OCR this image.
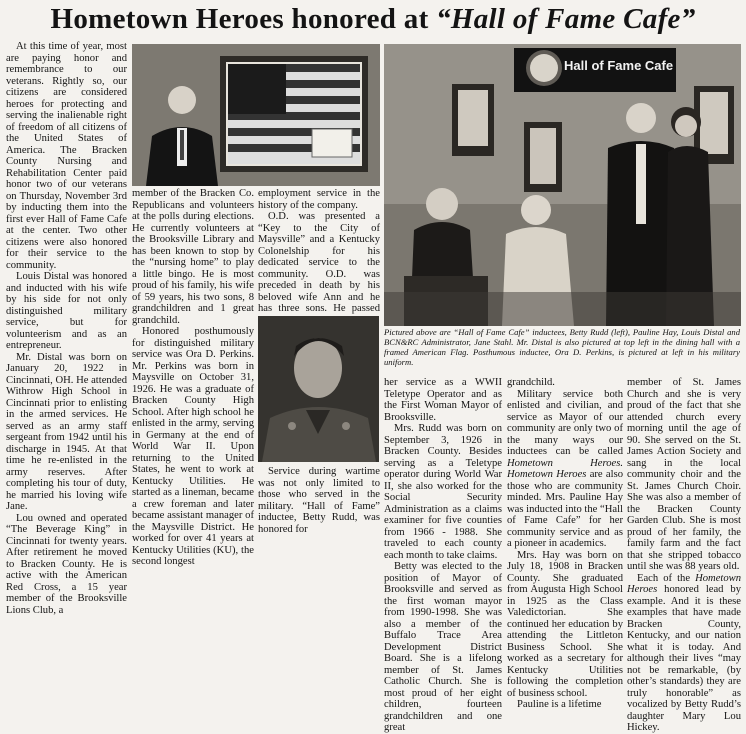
Hometown Heroes honored at “Hall of Fame Cafe”

At this time of year, most are paying honor and remembrance to our veterans. Rightly so, our citizens are considered heroes for protecting and serving the inalienable right of freedom of all citizens of the United States of America. The Bracken County Nursing and Rehabilitation Center paid honor two of our veterans on Thursday, November 3rd by inducting them into the first ever Hall of Fame Cafe at the center. Two other citizens were also honored for their service to the community.

Louis Distal was honored and inducted with his wife by his side for not only distinguished military service, but for volunteerism and as an entrepreneur.

Mr. Distal was born on January 20, 1922 in Cincinnati, OH. He attended Withrow High School in Cincinnati prior to enlisting in the armed services. He served as an army staff sergeant from 1942 until his discharge in 1945. At that time he re-enlisted in the army reserves. After completing his tour of duty, he married his loving wife Jane.

Lou owned and operated “The Beverage King” in Cincinnati for twenty years. After retirement he moved to Bracken County. He is active with the American Red Cross, a 15 year member of the Brooksville Lions Club, a

Hall of Fame Cafe
Pictured above are “Hall of Fame Cafe” inductees, Betty Rudd (left), Pauline Hay, Louis Distal and BCN&RC Administrator, Jane Stahl. Mr. Distal is also pictured at top left in the dining hall with a framed American Flag. Posthumous inductee, Ora D. Perkins, is pictured at left in his military uniform.

member of the Bracken Co. Republicans and volunteers at the polls during elections. He currently volunteers at the Brooksville Library and has been known to stop by the “nursing home” to play a little bingo. He is most proud of his family, his wife of 59 years, his two sons, 8 grandchildren and 1 great grandchild.

Honored posthumously for distinguished military service was Ora D. Perkins. Mr. Perkins was born in Maysville on October 31, 1926. He was a graduate of Bracken County High School. After high school he enlisted in the army, serving in Germany at the end of World War II. Upon returning to the United States, he went to work at Kentucky Utilities. He started as a lineman, became a crew foreman and later became assistant manager of the Maysville District. He worked for over 41 years at Kentucky Utilities (KU), the second longest

employment service in the history of the company.

O.D. was presented a “Key to the City of Maysville” and a Kentucky Colonelship for his dedicated service to the community. O.D. was preceded in death by his beloved wife Ann and he has three sons. He passed

Service during wartime was not only limited to those who served in the military. “Hall of Fame” inductee, Betty Rudd, was honored for

her service as a WWII Teletype Operator and as the First Woman Mayor of Brooksville.

Mrs. Rudd was born on September 3, 1926 in Bracken County. Besides serving as a Teletype operator during World War II, she also worked for the Social Security Administration as a claims examiner for five counties from 1966 - 1988. She traveled to each county each month to take claims.

Betty was elected to the position of Mayor of Brooksville and served as the first woman mayor from 1990-1998. She was also a member of the Buffalo Trace Area Development District Board. She is a lifelong member of St. James Catholic Church. She is most proud of her eight children, fourteen grandchildren and one great

grandchild.

Military service both enlisted and civilian, and service as Mayor of our community are only two of the many ways our inductees can be called Hometown Heroes. Hometown Heroes are also those who are community minded. Mrs. Pauline Hay was inducted into the “Hall of Fame Cafe” for her community service and as a pioneer in academics.

Mrs. Hay was born on July 18, 1908 in Bracken County. She graduated from Augusta High School in 1925 as the Class Valedictorian. She continued her education by attending the Littleton Business School. She worked as a secretary for Kentucky Utilities following the completion of business school.

Pauline is a lifetime

member of St. James Church and she is very proud of the fact that she attended church every morning until the age of 90. She served on the St. James Action Society and sang in the local community choir and the St. James Church Choir. She was also a member of the Bracken County Garden Club. She is most proud of her family, the family farm and the fact that she stripped tobacco until she was 88 years old.

Each of the Hometown Heroes honored lead by example. And it is these examples that have made Bracken County, Kentucky, and our nation what it is today. And although their lives “may not be remarkable, (by other’s standards) they are truly honorable” as vocalized by Betty Rudd’s daughter Mary Lou Hickey.
